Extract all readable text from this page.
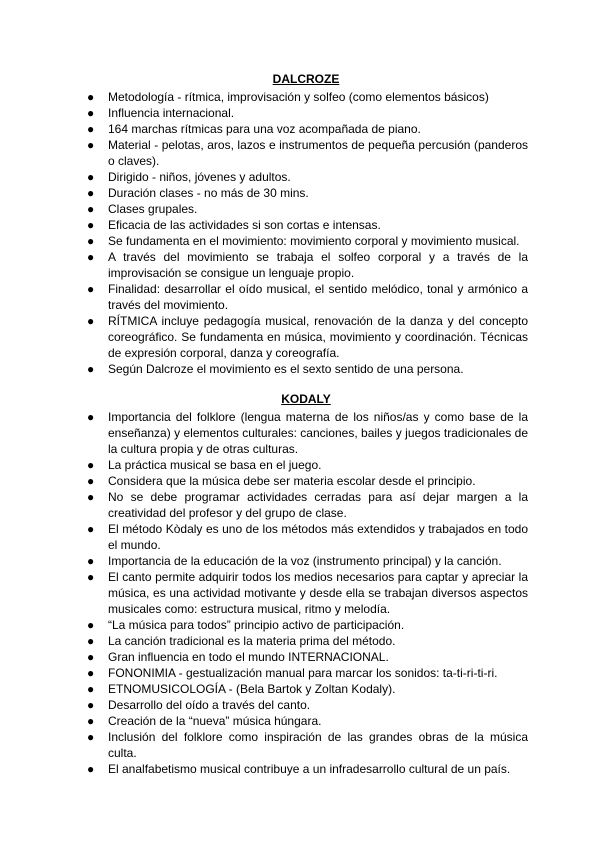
DALCROZE
● Metodología - rítmica, improvisación y solfeo (como elementos básicos)
● Influencia internacional.
● 164 marchas rítmicas para una voz acompañada de piano.
● Material - pelotas, aros, lazos e instrumentos de pequeña percusión (panderos o claves).
● Dirigido - niños, jóvenes y adultos.
● Duración clases - no más de 30 mins.
● Clases grupales.
● Eficacia de las actividades si son cortas e intensas.
● Se fundamenta en el movimiento: movimiento corporal y movimiento musical.
● A través del movimiento se trabaja el solfeo corporal y a través de la improvisación se consigue un lenguaje propio.
● Finalidad: desarrollar el oído musical, el sentido melódico, tonal y armónico a través del movimiento.
● RÍTMICA incluye pedagogía musical, renovación de la danza y del concepto coreográfico. Se fundamenta en música, movimiento y coordinación. Técnicas de expresión corporal, danza y coreografía.
● Según Dalcroze el movimiento es el sexto sentido de una persona.
KODALY
● Importancia del folklore (lengua materna de los niños/as y como base de la enseñanza) y elementos culturales: canciones, bailes y juegos tradicionales de la cultura propia y de otras culturas.
● La práctica musical se basa en el juego.
● Considera que la música debe ser materia escolar desde el principio.
● No se debe programar actividades cerradas para así dejar margen a la creatividad del profesor y del grupo de clase.
● El método Kòdaly es uno de los métodos más extendidos y trabajados en todo el mundo.
● Importancia de la educación de la voz (instrumento principal) y la canción.
● El canto permite adquirir todos los medios necesarios para captar y apreciar la música, es una actividad motivante y desde ella se trabajan diversos aspectos musicales como: estructura musical, ritmo y melodía.
● “La música para todos” principio activo de participación.
● La canción tradicional es la materia prima del método.
● Gran influencia en todo el mundo INTERNACIONAL.
● FONONIMIA - gestualización manual para marcar los sonidos: ta-ti-ri-ti-ri.
● ETNOMUSICOLOGÍA - (Bela Bartok y Zoltan Kodaly).
● Desarrollo del oído a través del canto.
● Creación de la “nueva” música húngara.
● Inclusión del folklore como inspiración de las grandes obras de la música culta.
● El analfabetismo musical contribuye a un infradesarrollo cultural de un país.
